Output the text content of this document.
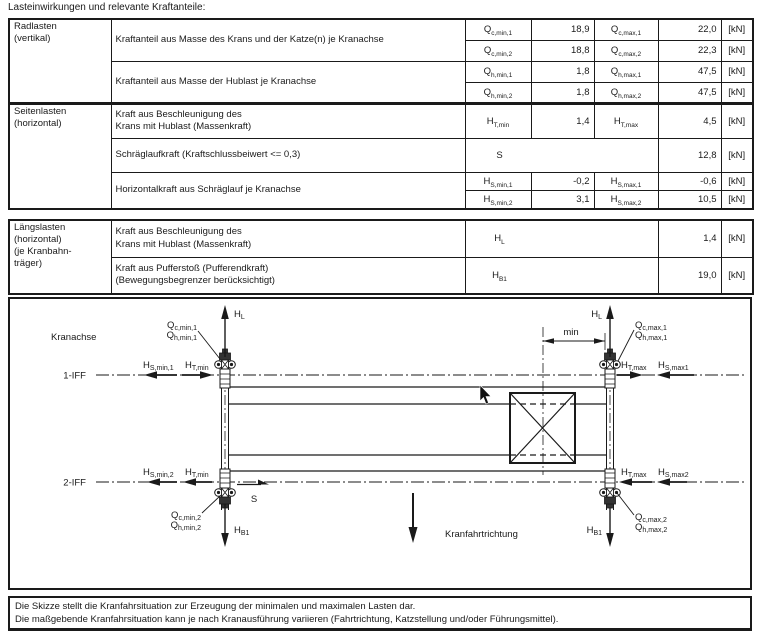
Lasteinwirkungen und relevante Kraftanteile:
Radlasten
(vertikal)	Kraftanteil aus Masse des Krans und der Katze(n) je Kranachse	$Q_{c,min,1}$	18,9	$Q_{c,max,1}$	22,0	[kN]
		$Q_{c,min,2}$	18,8	$Q_{c,max,2}$	22,3	[kN]
	Kraftanteil aus Masse der Hublast je Kranachse	$Q_{h,min,1}$	1,8	$Q_{h,max,1}$	47,5	[kN]
		$Q_{h,min,2}$	1,8	$Q_{h,max,2}$	47,5	[kN]
Seitenlasten
(horizontal)

Kraft aus Beschleunigung des
Krans mit Hublast (Massenkraft)	$H_{T,min}$	1,4	$H_{T,max}$	4,5	[kN]
	Schräglaufkraft (Kraftschlussbeiwert <= 0,3)	S			12,8	[kN]
	Horizontalkraft aus Schräglauf je Kranachse	$H_{S,min,1}$	-0,2	$H_{S,max,1}$	-0,6	[kN]
		$H_{S,min,2}$	3,1	$H_{S,max,2}$	10,5	[kN]
Längslasten
(horizontal)
(je Kranbahn-
träger)

Kraft aus Beschleunigung des
Krans mit Hublast (Massenkraft)	$H_L$	1,4	[kN]

	Kraft aus Pufferstoß (Pufferendkraft)
(Bewegungsbegrenzer berücksichtigt)	$H_{B1}$	19,0	[kN]
min
$H_L$	$H_L$
$H_{S,min,1}$ $H_{T,min}$	$H_{T,max}$ $H_{S,max1}$
$H_{S,min,2}$ $H_{T,min}$	$H_{T,max}$ $H_{S,max2}$
S
$H_{B1}$	$H_{B1}$
$Q_{c,min,1}$
$Q_{h,min,1}$
$Q_{c,max,1}$
$Q_{h,max,1}$
$Q_{c,min,2}$
$Q_{h,min,2}$
$Q_{c,max,2}$
$Q_{h,max,2}$
Kranfahrtrichtung
Kranachse
1-IFF
2-IFF
Die Skizze stellt die Kranfahrsituation zur Erzeugung der minimalen und maximalen Lasten dar.
Die maßgebende Kranfahrsituation kann je nach Kranausführung variieren (Fahrtrichtung, Katzstellung und/oder Führungsmittel).
